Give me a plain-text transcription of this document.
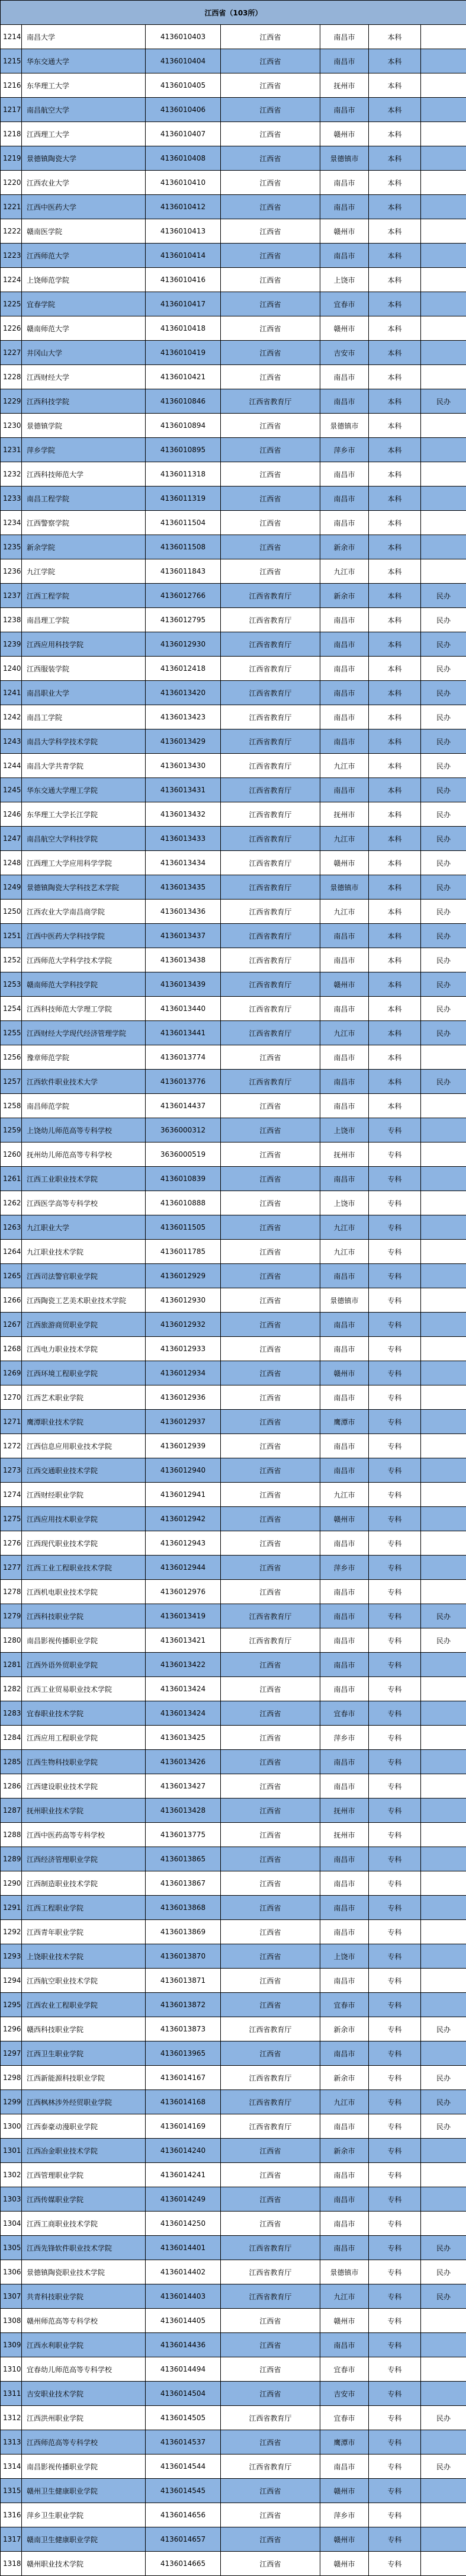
江西省（103所）						
1214	南昌大学	4136010403	江西省	南昌市	本科	
1215	华东交通大学	4136010404	江西省	南昌市	本科	
1216	东华理工大学	4136010405	江西省	抚州市	本科	
1217	南昌航空大学	4136010406	江西省	南昌市	本科	
1218	江西理工大学	4136010407	江西省	赣州市	本科	
1219	景德镇陶瓷大学	4136010408	江西省	景德镇市	本科	
1220	江西农业大学	4136010410	江西省	南昌市	本科	
1221	江西中医药大学	4136010412	江西省	南昌市	本科	
1222	赣南医学院	4136010413	江西省	赣州市	本科	
1223	江西师范大学	4136010414	江西省	南昌市	本科	
1224	上饶师范学院	4136010416	江西省	上饶市	本科	
1225	宜春学院	4136010417	江西省	宜春市	本科	
1226	赣南师范大学	4136010418	江西省	赣州市	本科	
1227	井冈山大学	4136010419	江西省	吉安市	本科	
1228	江西财经大学	4136010421	江西省	南昌市	本科	
1229	江西科技学院	4136010846	江西省教育厅	南昌市	本科	民办
1230	景德镇学院	4136010894	江西省	景德镇市	本科	
1231	萍乡学院	4136010895	江西省	萍乡市	本科	
1232	江西科技师范大学	4136011318	江西省	南昌市	本科	
1233	南昌工程学院	4136011319	江西省	南昌市	本科	
1234	江西警察学院	4136011504	江西省	南昌市	本科	
1235	新余学院	4136011508	江西省	新余市	本科	
1236	九江学院	4136011843	江西省	九江市	本科	
1237	江西工程学院	4136012766	江西省教育厅	新余市	本科	民办
1238	南昌理工学院	4136012795	江西省教育厅	南昌市	本科	民办
1239	江西应用科技学院	4136012930	江西省教育厅	南昌市	本科	民办
1240	江西服装学院	4136012418	江西省教育厅	南昌市	本科	民办
1241	南昌职业大学	4136013420	江西省教育厅	南昌市	本科	民办
1242	南昌工学院	4136013423	江西省教育厅	南昌市	本科	民办
1243	南昌大学科学技术学院	4136013429	江西省教育厅	南昌市	本科	民办
1244	南昌大学共青学院	4136013430	江西省教育厅	九江市	本科	民办
1245	华东交通大学理工学院	4136013431	江西省教育厅	南昌市	本科	民办
1246	东华理工大学长江学院	4136013432	江西省教育厅	抚州市	本科	民办
1247	南昌航空大学科技学院	4136013433	江西省教育厅	九江市	本科	民办
1248	江西理工大学应用科学学院	4136013434	江西省教育厅	赣州市	本科	民办
1249	景德镇陶瓷大学科技艺术学院	4136013435	江西省教育厅	景德镇市	本科	民办
1250	江西农业大学南昌商学院	4136013436	江西省教育厅	九江市	本科	民办
1251	江西中医药大学科技学院	4136013437	江西省教育厅	南昌市	本科	民办
1252	江西师范大学科学技术学院	4136013438	江西省教育厅	南昌市	本科	民办
1253	赣南师范大学科技学院	4136013439	江西省教育厅	赣州市	本科	民办
1254	江西科技师范大学理工学院	4136013440	江西省教育厅	南昌市	本科	民办
1255	江西财经大学现代经济管理学院	4136013441	江西省教育厅	九江市	本科	民办
1256	豫章师范学院	4136013774	江西省	南昌市	本科	
1257	江西软件职业技术大学	4136013776	江西省教育厅	南昌市	本科	民办
1258	南昌师范学院	4136014437	江西省	南昌市	本科	
1259	上饶幼儿师范高等专科学校	3636000312	江西省	上饶市	专科	
1260	抚州幼儿师范高等专科学校	3636000519	江西省	抚州市	专科	
1261	江西工业职业技术学院	4136010839	江西省	南昌市	专科	
1262	江西医学高等专科学校	4136010888	江西省	上饶市	专科	
1263	九江职业大学	4136011505	江西省	九江市	专科	
1264	九江职业技术学院	4136011785	江西省	九江市	专科	
1265	江西司法警官职业学院	4136012929	江西省	南昌市	专科	
1266	江西陶瓷工艺美术职业技术学院	4136012930	江西省	景德镇市	专科	
1267	江西旅游商贸职业学院	4136012932	江西省	南昌市	专科	
1268	江西电力职业技术学院	4136012933	江西省	南昌市	专科	
1269	江西环境工程职业学院	4136012934	江西省	赣州市	专科	
1270	江西艺术职业学院	4136012936	江西省	南昌市	专科	
1271	鹰潭职业技术学院	4136012937	江西省	鹰潭市	专科	
1272	江西信息应用职业技术学院	4136012939	江西省	南昌市	专科	
1273	江西交通职业技术学院	4136012940	江西省	南昌市	专科	
1274	江西财经职业学院	4136012941	江西省	九江市	专科	
1275	江西应用技术职业学院	4136012942	江西省	赣州市	专科	
1276	江西现代职业技术学院	4136012943	江西省	南昌市	专科	
1277	江西工业工程职业技术学院	4136012944	江西省	萍乡市	专科	
1278	江西机电职业技术学院	4136012976	江西省	南昌市	专科	
1279	江西科技职业学院	4136013419	江西省教育厅	南昌市	专科	民办
1280	南昌影视传播职业学院	4136013421	江西省教育厅	南昌市	专科	民办
1281	江西外语外贸职业学院	4136013422	江西省	南昌市	专科	
1282	江西工业贸易职业技术学院	4136013424	江西省	南昌市	专科	
1283	宜春职业技术学院	4136013424	江西省	宜春市	专科	
1284	江西应用工程职业学院	4136013425	江西省	萍乡市	专科	
1285	江西生物科技职业学院	4136013426	江西省	南昌市	专科	
1286	江西建设职业技术学院	4136013427	江西省	南昌市	专科	
1287	抚州职业技术学院	4136013428	江西省	抚州市	专科	
1288	江西中医药高等专科学校	4136013775	江西省	抚州市	专科	
1289	江西经济管理职业学院	4136013865	江西省	南昌市	专科	
1290	江西制造职业技术学院	4136013867	江西省	南昌市	专科	
1291	江西工程职业学院	4136013868	江西省	南昌市	专科	
1292	江西青年职业学院	4136013869	江西省	南昌市	专科	
1293	上饶职业技术学院	4136013870	江西省	上饶市	专科	
1294	江西航空职业技术学院	4136013871	江西省	南昌市	专科	
1295	江西农业工程职业学院	4136013872	江西省	宜春市	专科	
1296	赣西科技职业学院	4136013873	江西省教育厅	新余市	专科	民办
1297	江西卫生职业学院	4136013965	江西省	南昌市	专科	
1298	江西新能源科技职业学院	4136014167	江西省教育厅	新余市	专科	民办
1299	江西枫林涉外经贸职业学院	4136014168	江西省教育厅	九江市	专科	民办
1300	江西泰豪动漫职业学院	4136014169	江西省教育厅	南昌市	专科	民办
1301	江西冶金职业技术学院	4136014240	江西省	新余市	专科	
1302	江西管理职业学院	4136014241	江西省	南昌市	专科	
1303	江西传媒职业学院	4136014249	江西省	南昌市	专科	
1304	江西工商职业技术学院	4136014250	江西省	南昌市	专科	
1305	江西先锋软件职业技术学院	4136014401	江西省教育厅	南昌市	专科	民办
1306	景德镇陶瓷职业技术学院	4136014402	江西省教育厅	景德镇市	专科	民办
1307	共青科技职业学院	4136014403	江西省教育厅	九江市	专科	民办
1308	赣州师范高等专科学校	4136014405	江西省	赣州市	专科	
1309	江西水利职业学院	4136014436	江西省	南昌市	专科	
1310	宜春幼儿师范高等专科学校	4136014494	江西省	宜春市	专科	
1311	吉安职业技术学院	4136014504	江西省	吉安市	专科	
1312	江西洪州职业学院	4136014505	江西省教育厅	宜春市	专科	民办
1313	江西师范高等专科学校	4136014537	江西省	鹰潭市	专科	
1314	南昌影视传播职业学院	4136014544	江西省教育厅	南昌市	专科	民办
1315	赣州卫生健康职业学院	4136014545	江西省	赣州市	专科	
1316	萍乡卫生职业学院	4136014656	江西省	萍乡市	专科	
1317	赣南卫生健康职业学院	4136014657	江西省	赣州市	专科	
1318	赣州职业技术学院	4136014665	江西省	赣州市	专科	
